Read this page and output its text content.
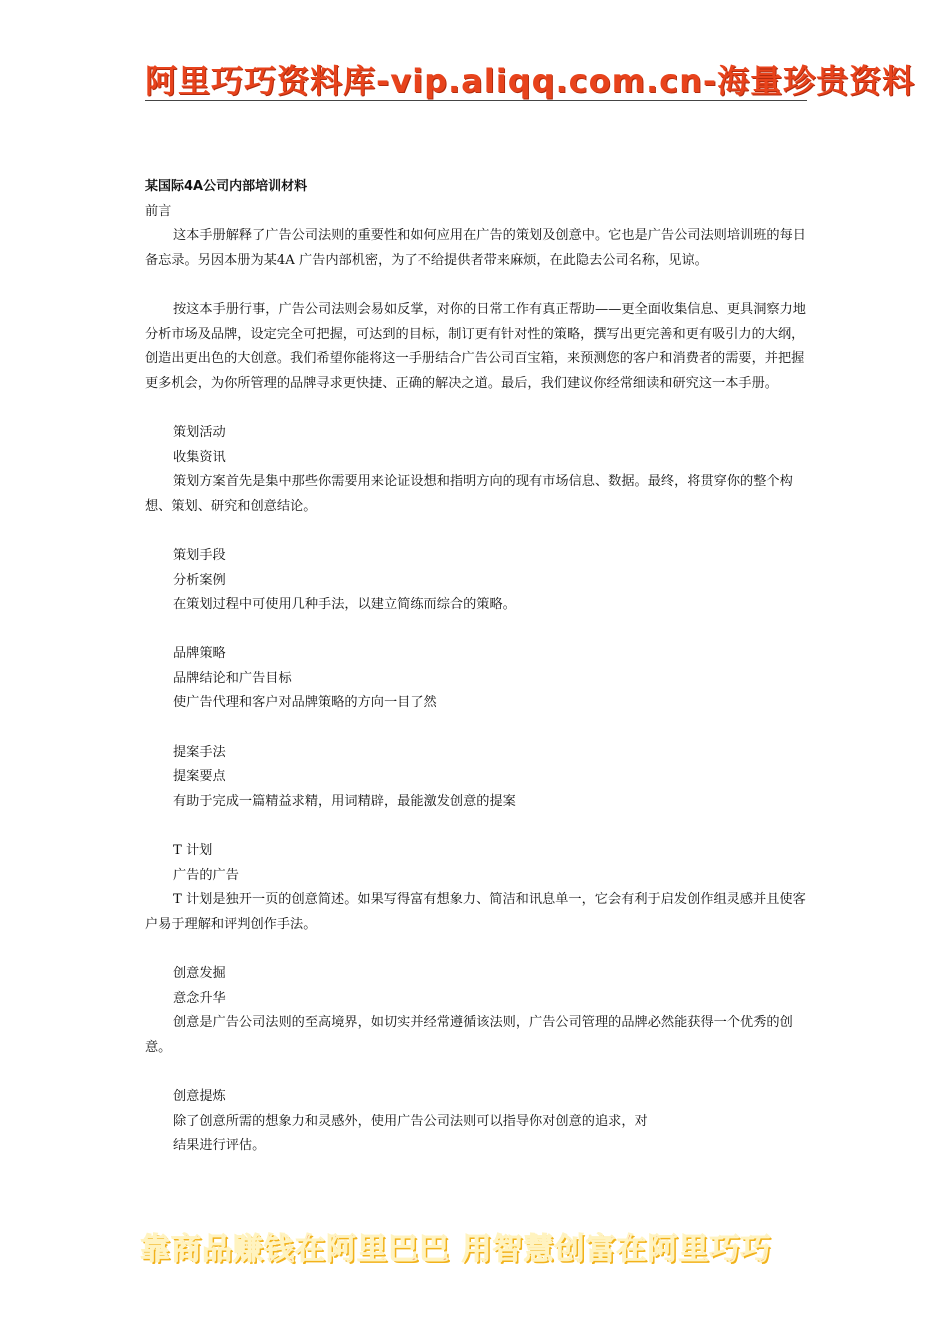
阿里巧巧资料库-vip.aliqq.com.cn-海量珍贵资料

某国际4A公司内部培训材料

前言

这本手册解释了广告公司法则的重要性和如何应用在广告的策划及创意中。它也是广告公司法则培训班的每日备忘录。另因本册为某4A 广告内部机密，为了不给提供者带来麻烦，在此隐去公司名称，见谅。

按这本手册行事，广告公司法则会易如反掌，对你的日常工作有真正帮助——更全面收集信息、更具洞察力地分析市场及品牌，设定完全可把握，可达到的目标，制订更有针对性的策略，撰写出更完善和更有吸引力的大纲，创造出更出色的大创意。我们希望你能将这一手册结合广告公司百宝箱，来预测您的客户和消费者的需要，并把握更多机会，为你所管理的品牌寻求更快捷、正确的解决之道。最后，我们建议你经常细读和研究这一本手册。

策划活动

收集资讯

策划方案首先是集中那些你需要用来论证设想和指明方向的现有市场信息、数据。最终，将贯穿你的整个构想、策划、研究和创意结论。

策划手段

分析案例

在策划过程中可使用几种手法，以建立简练而综合的策略。

品牌策略

品牌结论和广告目标

使广告代理和客户对品牌策略的方向一目了然

提案手法

提案要点

有助于完成一篇精益求精，用词精辟，最能激发创意的提案

T 计划

广告的广告

T 计划是独开一页的创意简述。如果写得富有想象力、简洁和讯息单一，它会有利于启发创作组灵感并且使客户易于理解和评判创作手法。

创意发掘

意念升华

创意是广告公司法则的至高境界，如切实并经常遵循该法则，广告公司管理的品牌必然能获得一个优秀的创意。

创意提炼

除了创意所需的想象力和灵感外，使用广告公司法则可以指导你对创意的追求，对

结果进行评估。

靠商品赚钱在阿里巴巴 用智慧创富在阿里巧巧
